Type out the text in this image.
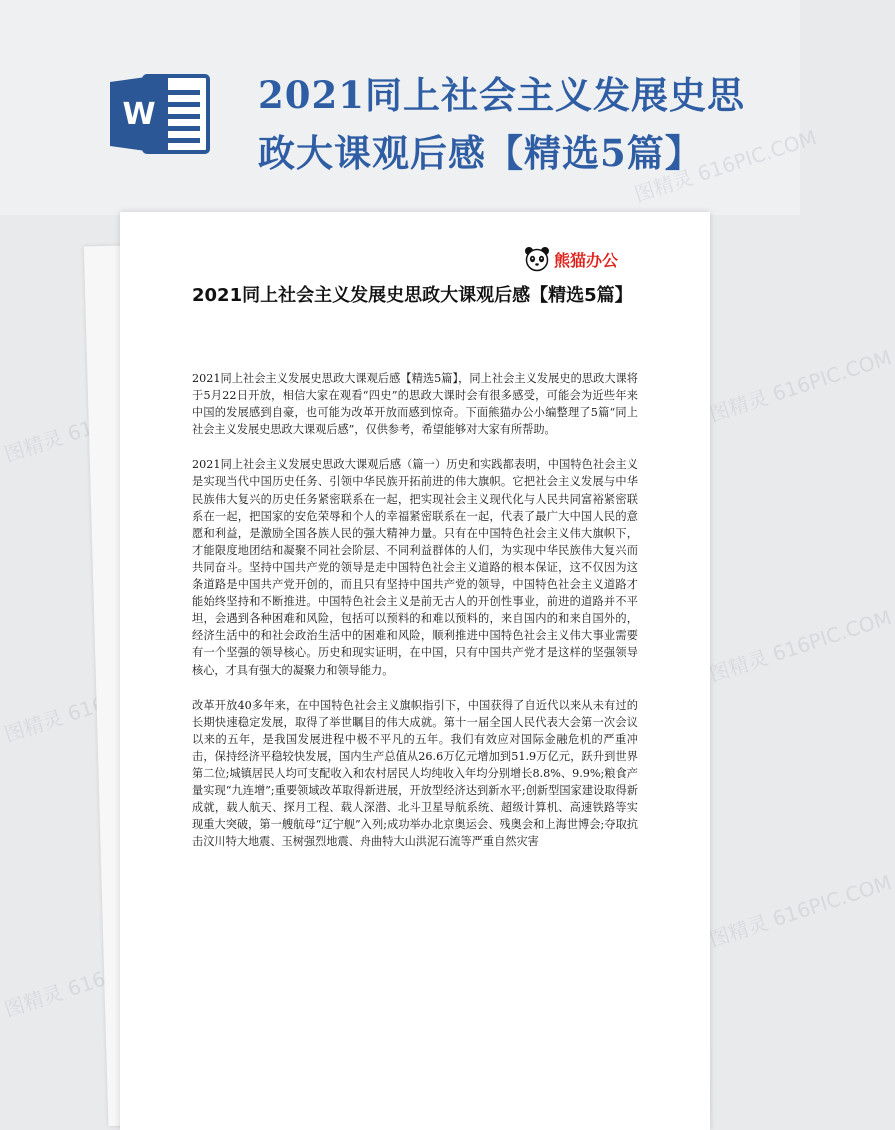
W	2021同上社会主义发展史思政大课观后感【精选5篇】
图精灵 616PIC.COM
图精灵
图精灵 616PIC.COM
图精灵 616PIC.COM
图精灵 616PIC.COM
图精灵 616PIC.COM
熊猫办公
2021同上社会主义发展史思政大课观后感【精选5篇】

2021同上社会主义发展史思政大课观后感【精选5篇】，同上社会主义发展史的思政大课将于5月22日开放，相信大家在观看“四史”的思政大课时会有很多感受，可能会为近些年来中国的发展感到自豪，也可能为改革开放而感到惊奇。下面熊猫办公小编整理了5篇“同上社会主义发展史思政大课观后感”，仅供参考，希望能够对大家有所帮助。

2021同上社会主义发展史思政大课观后感（篇一）历史和实践都表明，中国特色社会主义是实现当代中国历史任务、引领中华民族开拓前进的伟大旗帜。它把社会主义发展与中华民族伟大复兴的历史任务紧密联系在一起，把实现社会主义现代化与人民共同富裕紧密联系在一起，把国家的安危荣辱和个人的幸福紧密联系在一起，代表了最广大中国人民的意愿和利益，是激励全国各族人民的强大精神力量。只有在中国特色社会主义伟大旗帜下，才能限度地团结和凝聚不同社会阶层、不同利益群体的人们，为实现中华民族伟大复兴而共同奋斗。坚持中国共产党的领导是走中国特色社会主义道路的根本保证，这不仅因为这条道路是中国共产党开创的，而且只有坚持中国共产党的领导，中国特色社会主义道路才能始终坚持和不断推进。中国特色社会主义是前无古人的开创性事业，前进的道路并不平坦，会遇到各种困难和风险，包括可以预料的和难以预料的，来自国内的和来自国外的，经济生活中的和社会政治生活中的困难和风险，顺利推进中国特色社会主义伟大事业需要有一个坚强的领导核心。历史和现实证明，在中国，只有中国共产党才是这样的坚强领导核心，才具有强大的凝聚力和领导能力。

改革开放40多年来，在中国特色社会主义旗帜指引下，中国获得了自近代以来从未有过的长期快速稳定发展，取得了举世瞩目的伟大成就。第十一届全国人民代表大会第一次会议以来的五年，是我国发展进程中极不平凡的五年。我们有效应对国际金融危机的严重冲击，保持经济平稳较快发展，国内生产总值从26.6万亿元增加到51.9万亿元，跃升到世界第二位;城镇居民人均可支配收入和农村居民人均纯收入年均分别增长8.8%、9.9%;粮食产量实现“九连增”;重要领域改革取得新进展，开放型经济达到新水平;创新型国家建设取得新成就，载人航天、探月工程、载人深潜、北斗卫星导航系统、超级计算机、高速铁路等实现重大突破，第一艘航母“辽宁舰”入列;成功举办北京奥运会、残奥会和上海世博会;夺取抗击汶川特大地震、玉树强烈地震、舟曲特大山洪泥石流等严重自然灾害
